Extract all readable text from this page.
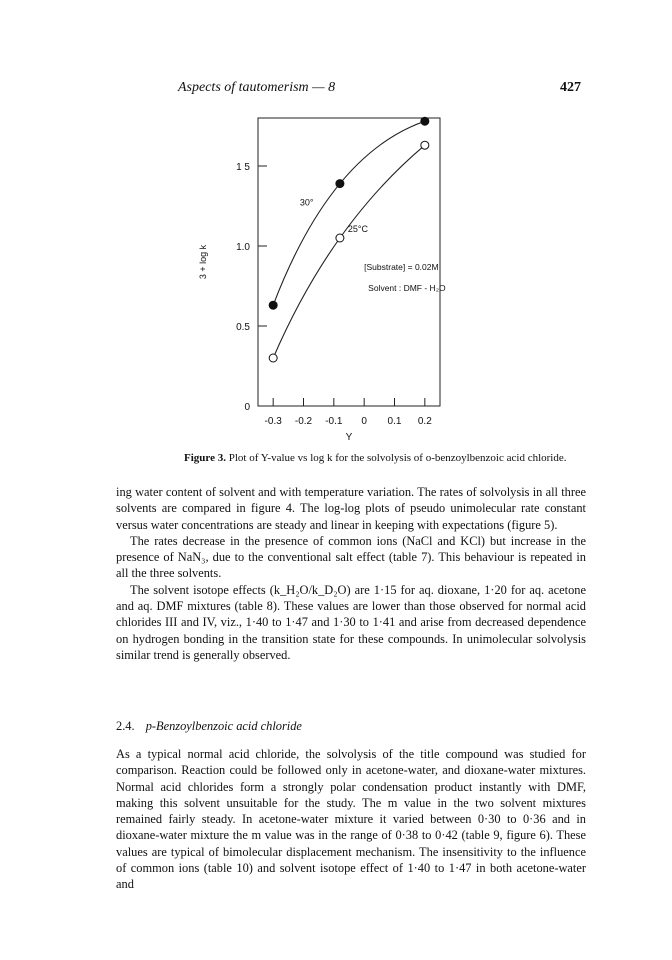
Aspects of tautomerism — 8	427
-0.3 -0.2 -0.1 0 0.1 0.2
0
0.5
1.0
1 5
Y
3 + log k
30°
25°C
[Substrate] = 0.02M
Solvent : DMF - H₂O
Figure 3. Plot of Y-value vs log k for the solvolysis of o-benzoylbenzoic acid chloride.

ing water content of solvent and with temperature variation. The rates of solvolysis in all three solvents are compared in figure 4. The log-log plots of pseudo unimolecular rate constant versus water concentrations are steady and linear in keeping with expectations (figure 5).

The rates decrease in the presence of common ions (NaCl and KCl) but increase in the presence of NaN₃, due to the conventional salt effect (table 7). This behaviour is repeated in all the three solvents.

The solvent isotope effects (k_H₂O/k_D₂O) are 1·15 for aq. dioxane, 1·20 for aq. acetone and aq. DMF mixtures (table 8). These values are lower than those observed for normal acid chlorides III and IV, viz., 1·40 to 1·47 and 1·30 to 1·41 and arise from decreased dependence on hydrogen bonding in the transition state for these compounds. In unimolecular solvolysis similar trend is generally observed.

2.4. p-Benzoylbenzoic acid chloride

As a typical normal acid chloride, the solvolysis of the title compound was studied for comparison. Reaction could be followed only in acetone-water, and dioxane-water mixtures. Normal acid chlorides form a strongly polar condensation product instantly with DMF, making this solvent unsuitable for the study. The m value in the two solvent mixtures remained fairly steady. In acetone-water mixture it varied between 0·30 to 0·36 and in dioxane-water mixture the m value was in the range of 0·38 to 0·42 (table 9, figure 6). These values are typical of bimolecular displacement mechanism. The insensitivity to the influence of common ions (table 10) and solvent isotope effect of 1·40 to 1·47 in both acetone-water and
